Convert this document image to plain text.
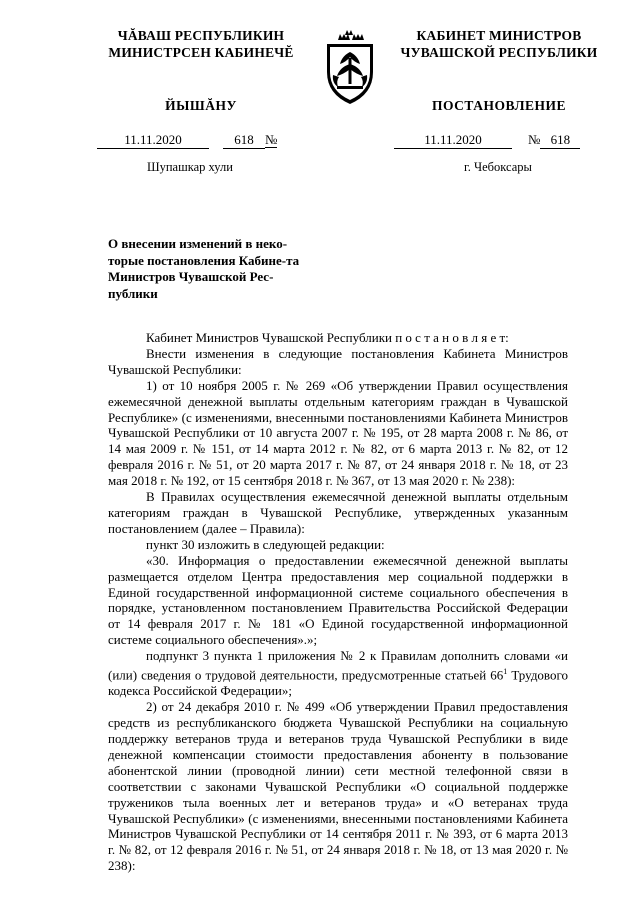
ЧĂВАШ РЕСПУБЛИКИН
МИНИСТРСЕН КАБИНЕЧĔ
КАБИНЕТ МИНИСТРОВ
ЧУВАШСКОЙ РЕСПУБЛИКИ
ЙЫШĂНУ	ПОСТАНОВЛЕНИЕ
11.11.2020	618 №	11.11.2020	№ 618
Шупашкар хули	г. Чебоксары
О внесении изменений в неко-торые постановления Кабине-та Министров Чувашской Рес-публики

Кабинет Министров Чувашской Республики п о с т а н о в л я е т:

Внести изменения в следующие постановления Кабинета Министров Чувашской Республики:

1) от 10 ноября 2005 г. № 269 «Об утверждении Правил осуществления ежемесячной денежной выплаты отдельным категориям граждан в Чувашской Республике» (с изменениями, внесенными постановлениями Кабинета Министров Чувашской Республики от 10 августа 2007 г. № 195, от 28 марта 2008 г. № 86, от 14 мая 2009 г. № 151, от 14 марта 2012 г. № 82, от 6 марта 2013 г. № 82, от 12 февраля 2016 г. № 51, от 20 марта 2017 г. № 87, от 24 января 2018 г. № 18, от 23 мая 2018 г. № 192, от 15 сентября 2018 г. № 367, от 13 мая 2020 г. № 238):

В Правилах осуществления ежемесячной денежной выплаты отдельным категориям граждан в Чувашской Республике, утвержденных указанным постановлением (далее – Правила):

пункт 30 изложить в следующей редакции:

«30. Информация о предоставлении ежемесячной денежной выплаты размещается отделом Центра предоставления мер социальной поддержки в Единой государственной информационной системе социального обеспечения в порядке, установленном постановлением Правительства Российской Федерации от 14 февраля 2017 г. № 181 «О Единой государственной информационной системе социального обеспечения».»;

подпункт 3 пункта 1 приложения № 2 к Правилам дополнить словами «и (или) сведения о трудовой деятельности, предусмотренные статьей $66^1$ Трудового кодекса Российской Федерации»;

2) от 24 декабря 2010 г. № 499 «Об утверждении Правил предоставления средств из республиканского бюджета Чувашской Республики на социальную поддержку ветеранов труда и ветеранов труда Чувашской Республики в виде денежной компенсации стоимости предоставления абоненту в пользование абонентской линии (проводной линии) сети местной телефонной связи в соответствии с законами Чувашской Республики «О социальной поддержке тружеников тыла военных лет и ветеранов труда» и «О ветеранах труда Чувашской Республики» (с изменениями, внесенными постановлениями Кабинета Министров Чувашской Республики от 14 сентября 2011 г. № 393, от 6 марта 2013 г. № 82, от 12 февраля 2016 г. № 51, от 24 января 2018 г. № 18, от 13 мая 2020 г. № 238):
